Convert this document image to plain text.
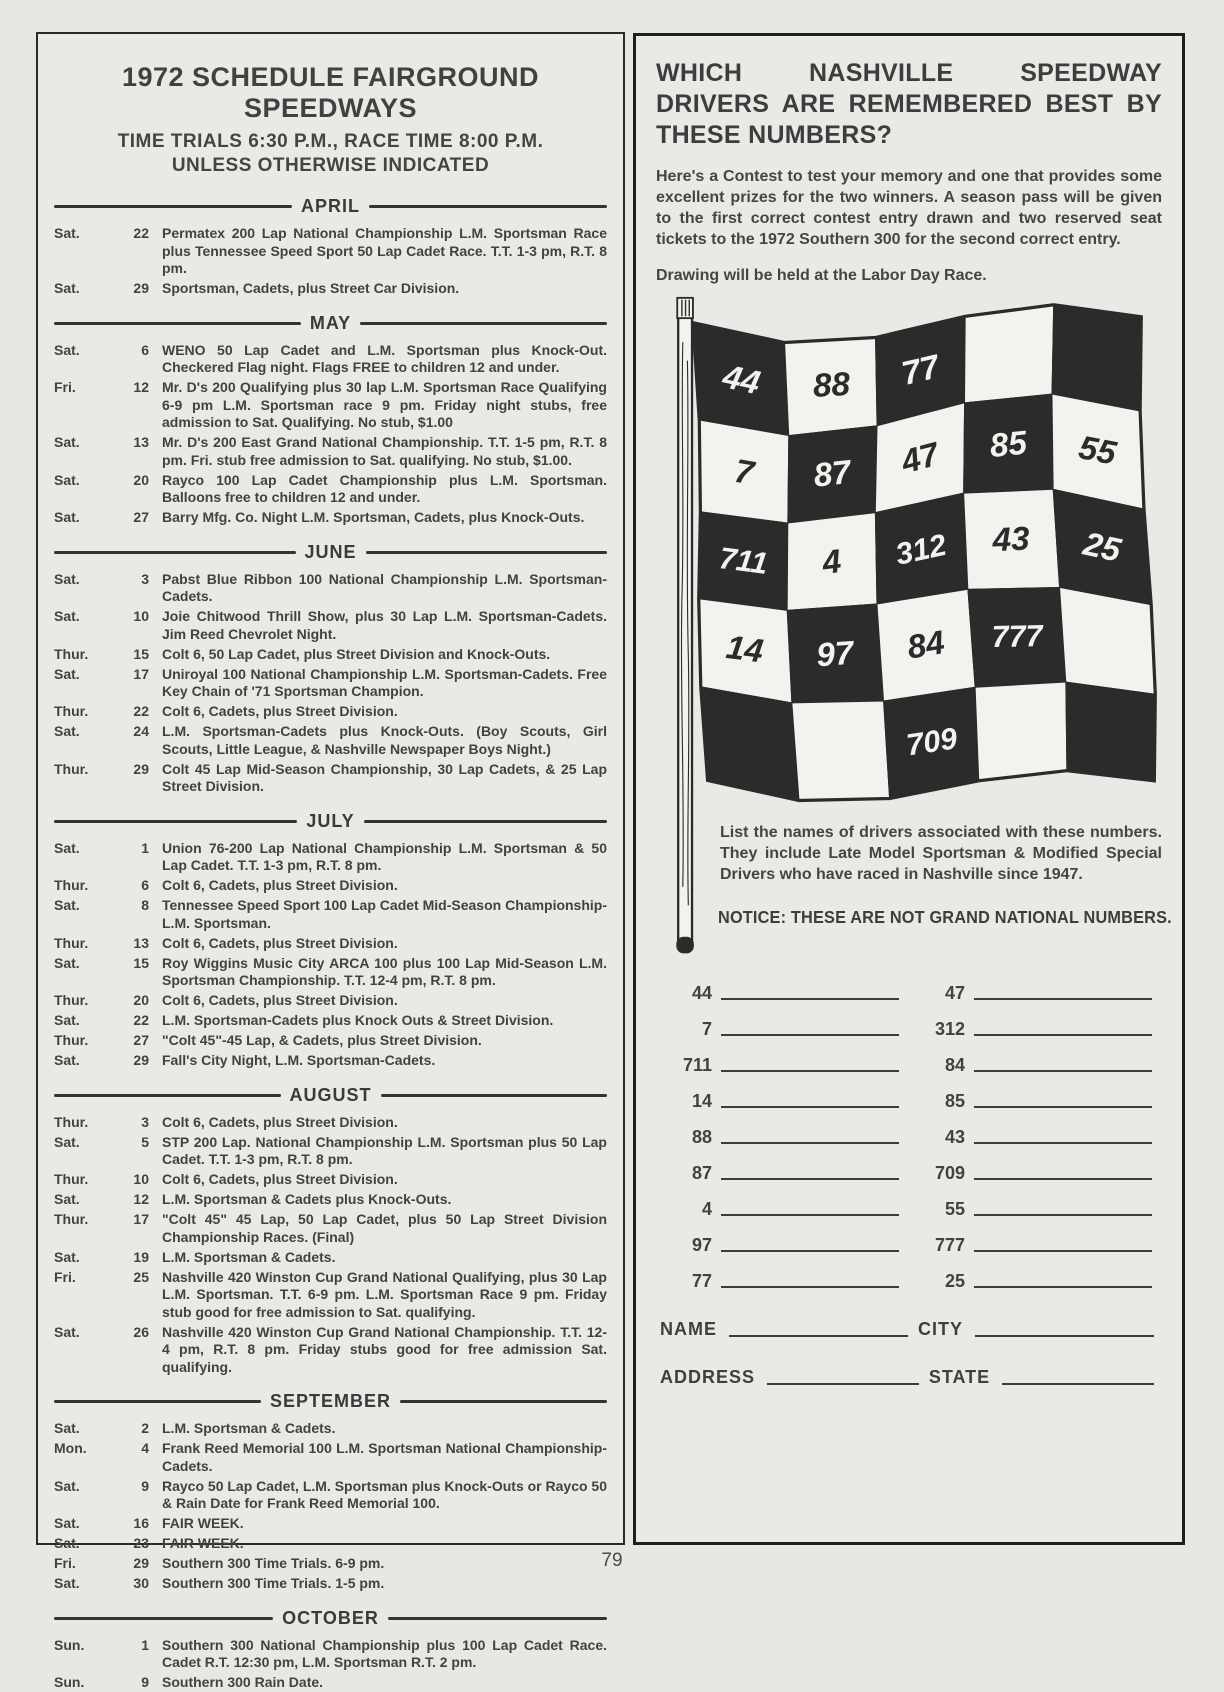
1972 SCHEDULE FAIRGROUND SPEEDWAYS
TIME TRIALS 6:30 P.M., RACE TIME 8:00 P.M.
UNLESS OTHERWISE INDICATED
APRIL
Sat.	22 Permatex 200 Lap National Championship L.M. Sportsman Race plus Tennessee Speed Sport 50 Lap Cadet Race. T.T. 1-3 pm, R.T. 8 pm.
Sat.	29 Sportsman, Cadets, plus Street Car Division.
MAY
Sat.	6 WENO 50 Lap Cadet and L.M. Sportsman plus Knock-Out. Checkered Flag night. Flags FREE to children 12 and under.
Fri.	12 Mr. D's 200 Qualifying plus 30 lap L.M. Sportsman Race Qualifying 6-9 pm L.M. Sportsman race 9 pm. Friday night stubs, free admission to Sat. Qualifying. No stub, $1.00
Sat.	13 Mr. D's 200 East Grand National Championship. T.T. 1-5 pm, R.T. 8 pm. Fri. stub free admission to Sat. qualifying. No stub, $1.00.
Sat.	20 Rayco 100 Lap Cadet Championship plus L.M. Sportsman. Balloons free to children 12 and under.
Sat.	27 Barry Mfg. Co. Night L.M. Sportsman, Cadets, plus Knock-Outs.
JUNE
Sat.	3 Pabst Blue Ribbon 100 National Championship L.M. Sportsman-Cadets.
Sat.	10 Joie Chitwood Thrill Show, plus 30 Lap L.M. Sportsman-Cadets. Jim Reed Chevrolet Night.
Thur.	15 Colt 6, 50 Lap Cadet, plus Street Division and Knock-Outs.
Sat.	17 Uniroyal 100 National Championship L.M. Sportsman-Cadets. Free Key Chain of '71 Sportsman Champion.
Thur.	22 Colt 6, Cadets, plus Street Division.
Sat.	24 L.M. Sportsman-Cadets plus Knock-Outs. (Boy Scouts, Girl Scouts, Little League, & Nashville Newspaper Boys Night.)
Thur.	29 Colt 45 Lap Mid-Season Championship, 30 Lap Cadets, & 25 Lap Street Division.
JULY
Sat.	1 Union 76-200 Lap National Championship L.M. Sportsman & 50 Lap Cadet. T.T. 1-3 pm, R.T. 8 pm.
Thur.	6 Colt 6, Cadets, plus Street Division.
Sat.	8 Tennessee Speed Sport 100 Lap Cadet Mid-Season Championship-L.M. Sportsman.
Thur.	13 Colt 6, Cadets, plus Street Division.
Sat.	15 Roy Wiggins Music City ARCA 100 plus 100 Lap Mid-Season L.M. Sportsman Championship. T.T. 12-4 pm, R.T. 8 pm.
Thur.	20 Colt 6, Cadets, plus Street Division.
Sat.	22 L.M. Sportsman-Cadets plus Knock Outs & Street Division.
Thur.	27 "Colt 45"-45 Lap, & Cadets, plus Street Division.
Sat.	29 Fall's City Night, L.M. Sportsman-Cadets.
AUGUST
Thur.	3 Colt 6, Cadets, plus Street Division.
Sat.	5 STP 200 Lap. National Championship L.M. Sportsman plus 50 Lap Cadet. T.T. 1-3 pm, R.T. 8 pm.
Thur.	10 Colt 6, Cadets, plus Street Division.
Sat.	12 L.M. Sportsman & Cadets plus Knock-Outs.
Thur.	17 "Colt 45" 45 Lap, 50 Lap Cadet, plus 50 Lap Street Division Championship Races. (Final)
Sat.	19 L.M. Sportsman & Cadets.
Fri.	25 Nashville 420 Winston Cup Grand National Qualifying, plus 30 Lap L.M. Sportsman. T.T. 6-9 pm. L.M. Sportsman Race 9 pm. Friday stub good for free admission to Sat. qualifying.
Sat.	26 Nashville 420 Winston Cup Grand National Championship. T.T. 12-4 pm, R.T. 8 pm. Friday stubs good for free admission Sat. qualifying.
SEPTEMBER
Sat.	2 L.M. Sportsman & Cadets.
Mon.	4 Frank Reed Memorial 100 L.M. Sportsman National Championship-Cadets.
Sat.	9 Rayco 50 Lap Cadet, L.M. Sportsman plus Knock-Outs or Rayco 50 & Rain Date for Frank Reed Memorial 100.
Sat.	16 FAIR WEEK.
Sat.	23 FAIR WEEK.
Fri.	29 Southern 300 Time Trials. 6-9 pm.
Sat.	30 Southern 300 Time Trials. 1-5 pm.
OCTOBER
Sun.	1 Southern 300 National Championship plus 100 Lap Cadet Race. Cadet R.T. 12:30 pm, L.M. Sportsman R.T. 2 pm.
Sun.	9 Southern 300 Rain Date.
WHICH NASHVILLE SPEEDWAY DRIVERS ARE REMEMBERED BEST BY THESE NUMBERS?
Here's a Contest to test your memory and one that provides some excellent prizes for the two winners. A season pass will be given to the first correct contest entry drawn and two reserved seat tickets to the 1972 Southern 300 for the second correct entry.
Drawing will be held at the Labor Day Race.
44 88 77
7 87 47 85 55
711 4 312 43 25
14 97 84 777
709
List the names of drivers associated with these numbers. They include Late Model Sportsman & Modified Special Drivers who have raced in Nashville since 1947.
NOTICE: THESE ARE NOT GRAND NATIONAL NUMBERS.
44	47
7	312
711	84
14	85
88	43
87	709
4	55
97	777
77	25
NAME	CITY
ADDRESS	STATE
79
